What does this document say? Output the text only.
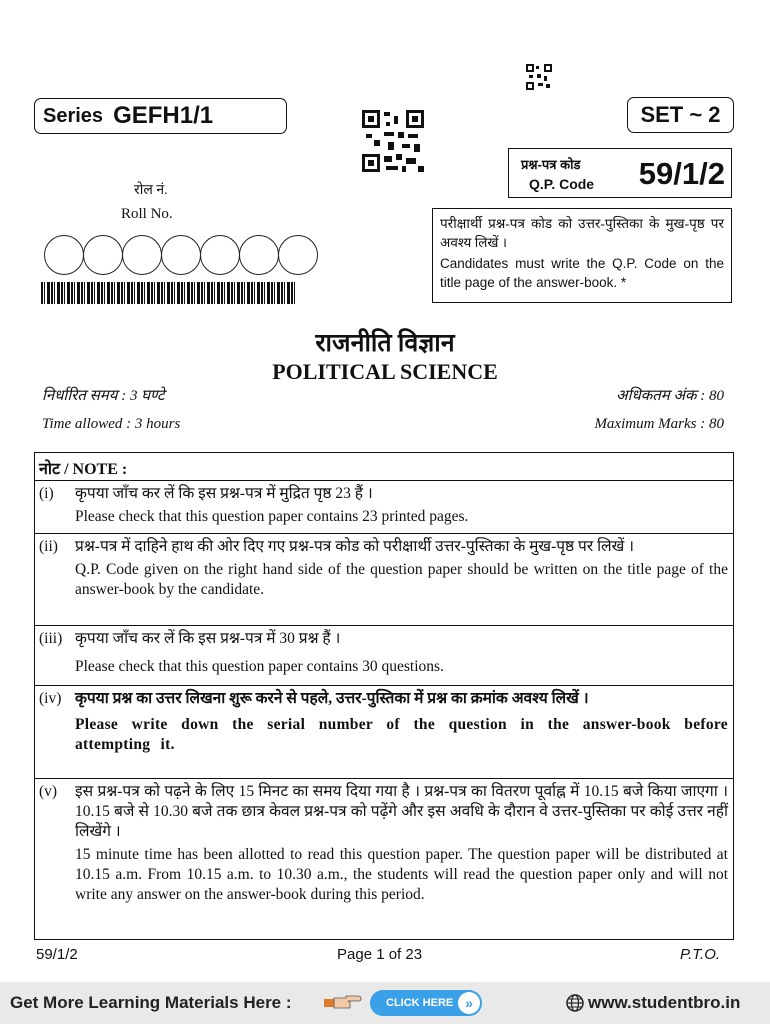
Series GEFH1/1	SET ~ 2
प्रश्न-पत्र कोड
Q.P. Code 59/1/2
रोल नं.
Roll No.

परीक्षार्थी प्रश्न-पत्र कोड को उत्तर-पुस्तिका के मुख-पृष्ठ पर अवश्य लिखें ।

Candidates must write the Q.P. Code on the title page of the answer-book. *

राजनीति विज्ञान
POLITICAL SCIENCE
निर्धारित समय : 3 घण्टे	अधिकतम अंक : 80
Time allowed : 3 hours	Maximum Marks : 80
नोट / NOTE :
(i) कृपया जाँच कर लें कि इस प्रश्न-पत्र में मुद्रित पृष्ठ 23 हैं ।
Please check that this question paper contains 23 printed pages.
(ii) प्रश्न-पत्र में दाहिने हाथ की ओर दिए गए प्रश्न-पत्र कोड को परीक्षार्थी उत्तर-पुस्तिका के मुख-पृष्ठ पर लिखें ।
Q.P. Code given on the right hand side of the question paper should be written on the title page of the answer-book by the candidate.
(iii) कृपया जाँच कर लें कि इस प्रश्न-पत्र में 30 प्रश्न हैं ।
Please check that this question paper contains 30 questions.
(iv) कृपया प्रश्न का उत्तर लिखना शुरू करने से पहले, उत्तर-पुस्तिका में प्रश्न का क्रमांक अवश्य लिखें ।
Please write down the serial number of the question in the answer-book before attempting it.
(v) इस प्रश्न-पत्र को पढ़ने के लिए 15 मिनट का समय दिया गया है । प्रश्न-पत्र का वितरण पूर्वाह्न में 10.15 बजे किया जाएगा । 10.15 बजे से 10.30 बजे तक छात्र केवल प्रश्न-पत्र को पढ़ेंगे और इस अवधि के दौरान वे उत्तर-पुस्तिका पर कोई उत्तर नहीं लिखेंगे ।
15 minute time has been allotted to read this question paper. The question paper will be distributed at 10.15 a.m. From 10.15 a.m. to 10.30 a.m., the students will read the question paper only and will not write any answer on the answer-book during this period.
59/1/2	Page 1 of 23	P.T.O.
Get More Learning Materials Here :	CLICK HERE »	www.studentbro.in
